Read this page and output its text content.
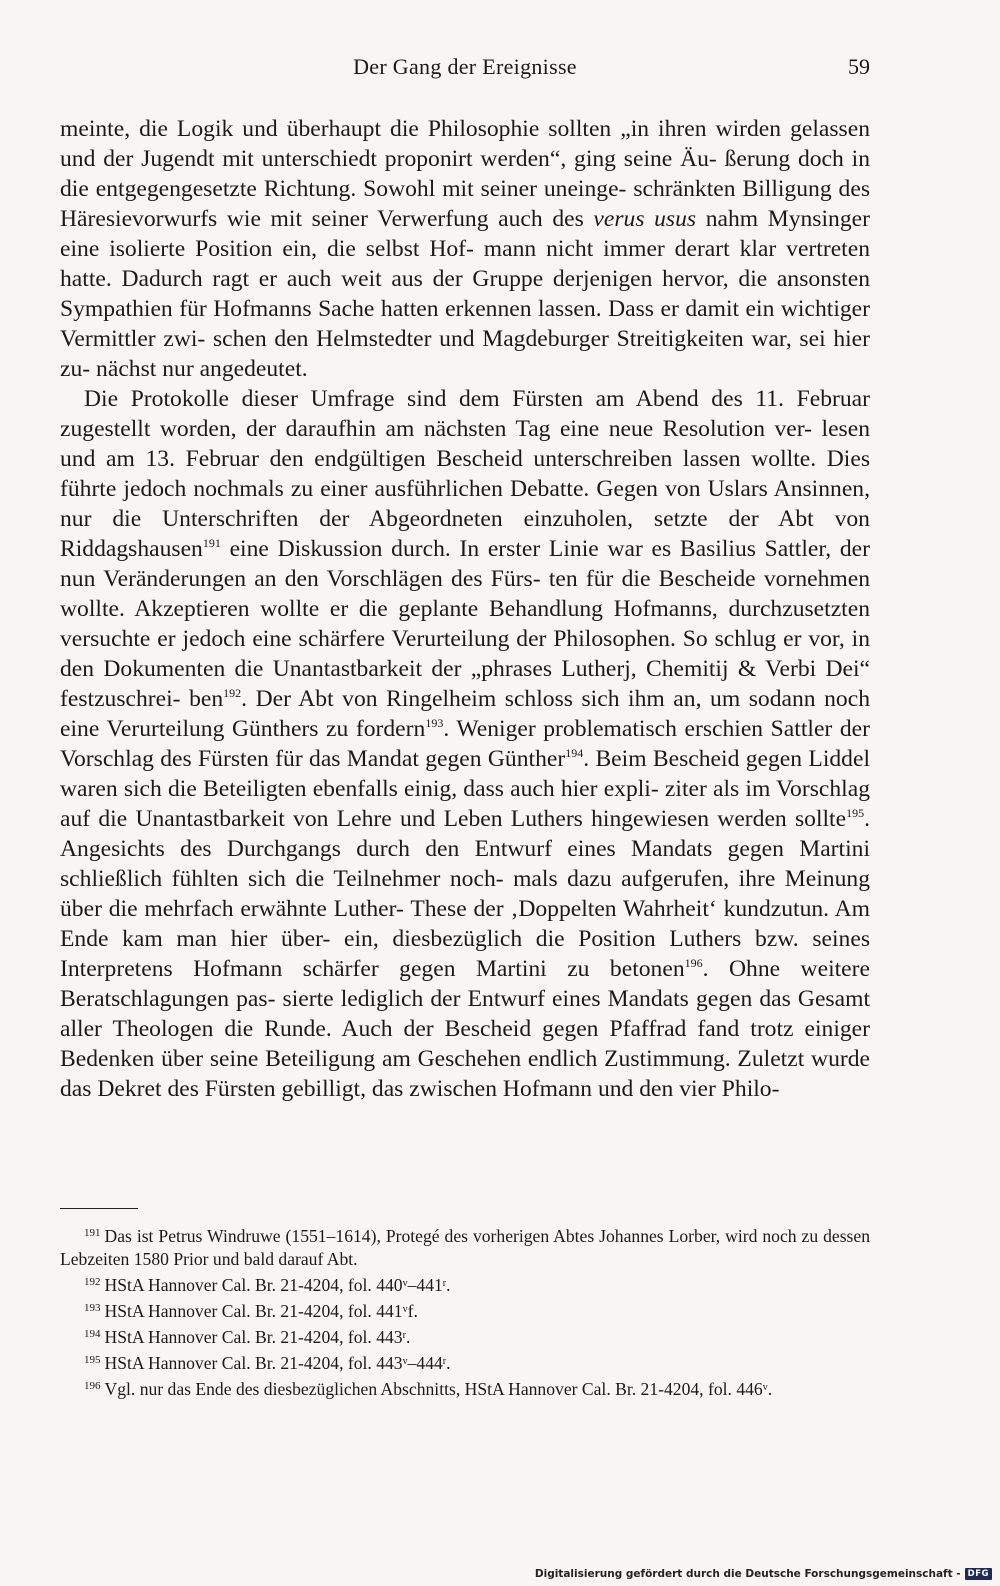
Der Gang der Ereignisse	59

meinte, die Logik und überhaupt die Philosophie sollten „in ihren wirden gelassen und der Jugendt mit unterschiedt proponirt werden“, ging seine Äu- ßerung doch in die entgegengesetzte Richtung. Sowohl mit seiner uneinge- schränkten Billigung des Häresievorwurfs wie mit seiner Verwerfung auch des verus usus nahm Mynsinger eine isolierte Position ein, die selbst Hof- mann nicht immer derart klar vertreten hatte. Dadurch ragt er auch weit aus der Gruppe derjenigen hervor, die ansonsten Sympathien für Hofmanns Sache hatten erkennen lassen. Dass er damit ein wichtiger Vermittler zwi- schen den Helmstedter und Magdeburger Streitigkeiten war, sei hier zu- nächst nur angedeutet.

Die Protokolle dieser Umfrage sind dem Fürsten am Abend des 11. Februar zugestellt worden, der daraufhin am nächsten Tag eine neue Resolution ver- lesen und am 13. Februar den endgültigen Bescheid unterschreiben lassen wollte. Dies führte jedoch nochmals zu einer ausführlichen Debatte. Gegen von Uslars Ansinnen, nur die Unterschriften der Abgeordneten einzuholen, setzte der Abt von Riddagshausen$^{191}$ eine Diskussion durch. In erster Linie war es Basilius Sattler, der nun Veränderungen an den Vorschlägen des Fürs- ten für die Bescheide vornehmen wollte. Akzeptieren wollte er die geplante Behandlung Hofmanns, durchzusetzten versuchte er jedoch eine schärfere Verurteilung der Philosophen. So schlug er vor, in den Dokumenten die Unantastbarkeit der „phrases Lutherj, Chemitij & Verbi Dei“ festzuschrei- ben$^{192}$. Der Abt von Ringelheim schloss sich ihm an, um sodann noch eine Verurteilung Günthers zu fordern$^{193}$. Weniger problematisch erschien Sattler der Vorschlag des Fürsten für das Mandat gegen Günther$^{194}$. Beim Bescheid gegen Liddel waren sich die Beteiligten ebenfalls einig, dass auch hier expli- ziter als im Vorschlag auf die Unantastbarkeit von Lehre und Leben Luthers hingewiesen werden sollte$^{195}$. Angesichts des Durchgangs durch den Entwurf eines Mandats gegen Martini schließlich fühlten sich die Teilnehmer noch- mals dazu aufgerufen, ihre Meinung über die mehrfach erwähnte Luther- These der ‚Doppelten Wahrheit‘ kundzutun. Am Ende kam man hier über- ein, diesbezüglich die Position Luthers bzw. seines Interpretens Hofmann schärfer gegen Martini zu betonen$^{196}$. Ohne weitere Beratschlagungen pas- sierte lediglich der Entwurf eines Mandats gegen das Gesamt aller Theologen die Runde. Auch der Bescheid gegen Pfaffrad fand trotz einiger Bedenken über seine Beteiligung am Geschehen endlich Zustimmung. Zuletzt wurde das Dekret des Fürsten gebilligt, das zwischen Hofmann und den vier Philo-

$^{191}$ Das ist Petrus Windruwe (1551–1614), Protegé des vorherigen Abtes Johannes Lorber, wird noch zu dessen Lebzeiten 1580 Prior und bald darauf Abt.

$^{192}$ HStA Hannover Cal. Br. 21-4204, fol. 440$^v$–441$^r$.

$^{193}$ HStA Hannover Cal. Br. 21-4204, fol. 441$^v$f.

$^{194}$ HStA Hannover Cal. Br. 21-4204, fol. 443$^r$.

$^{195}$ HStA Hannover Cal. Br. 21-4204, fol. 443$^v$–444$^r$.

$^{196}$ Vgl. nur das Ende des diesbezüglichen Abschnitts, HStA Hannover Cal. Br. 21-4204, fol. 446$^v$.

Digitalisierung gefördert durch die Deutsche Forschungsgemeinschaft - DFG
